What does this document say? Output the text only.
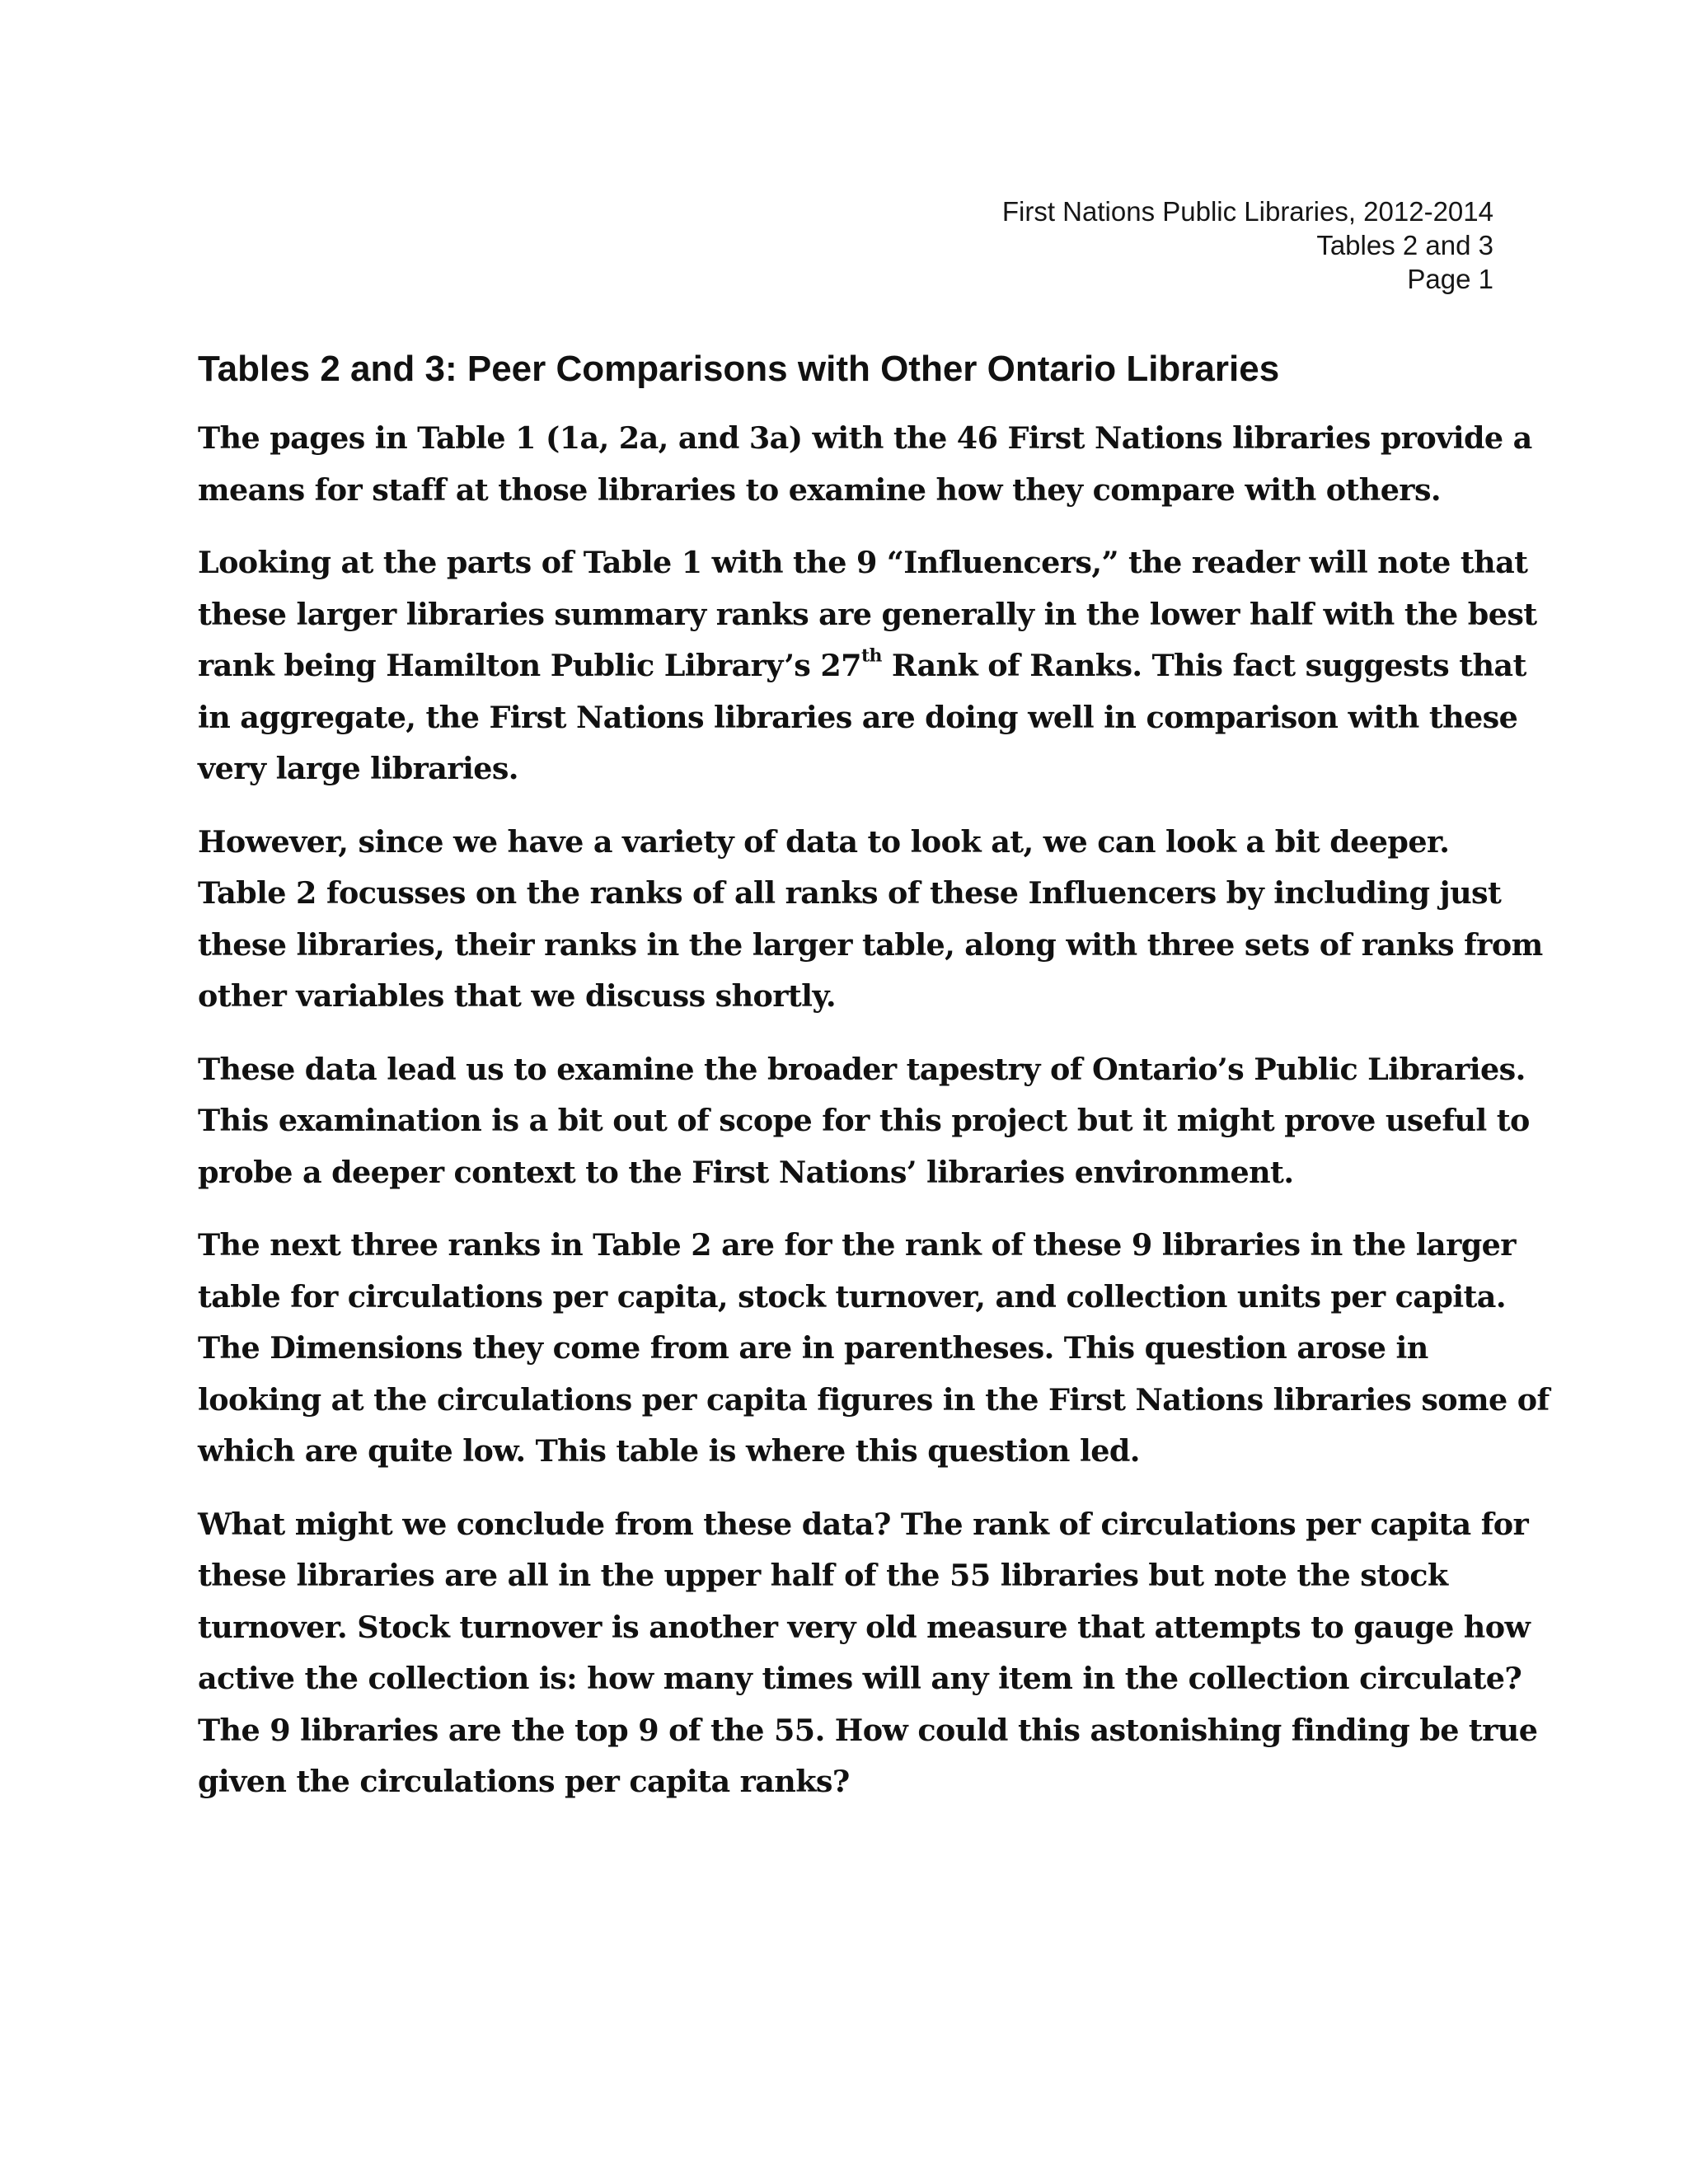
First Nations Public Libraries, 2012-2014
Tables 2 and 3
Page 1
Tables 2 and 3: Peer Comparisons with Other Ontario Libraries

The pages in Table 1 (1a, 2a, and 3a) with the 46 First Nations libraries provide a
means for staff at those libraries to examine how they compare with others.

Looking at the parts of Table 1 with the 9 “Influencers,” the reader will note that
these larger libraries summary ranks are generally in the lower half with the best
rank being Hamilton Public Library’s 27th Rank of Ranks. This fact suggests that
in aggregate, the First Nations libraries are doing well in comparison with these
very large libraries.

However, since we have a variety of data to look at, we can look a bit deeper.
Table 2 focusses on the ranks of all ranks of these Influencers by including just
these libraries, their ranks in the larger table, along with three sets of ranks from
other variables that we discuss shortly.

These data lead us to examine the broader tapestry of Ontario’s Public Libraries.
This examination is a bit out of scope for this project but it might prove useful to
probe a deeper context to the First Nations’ libraries environment.

The next three ranks in Table 2 are for the rank of these 9 libraries in the larger
table for circulations per capita, stock turnover, and collection units per capita.
The Dimensions they come from are in parentheses. This question arose in
looking at the circulations per capita figures in the First Nations libraries some of
which are quite low. This table is where this question led.

What might we conclude from these data? The rank of circulations per capita for
these libraries are all in the upper half of the 55 libraries but note the stock
turnover. Stock turnover is another very old measure that attempts to gauge how
active the collection is: how many times will any item in the collection circulate?
The 9 libraries are the top 9 of the 55. How could this astonishing finding be true
given the circulations per capita ranks?
